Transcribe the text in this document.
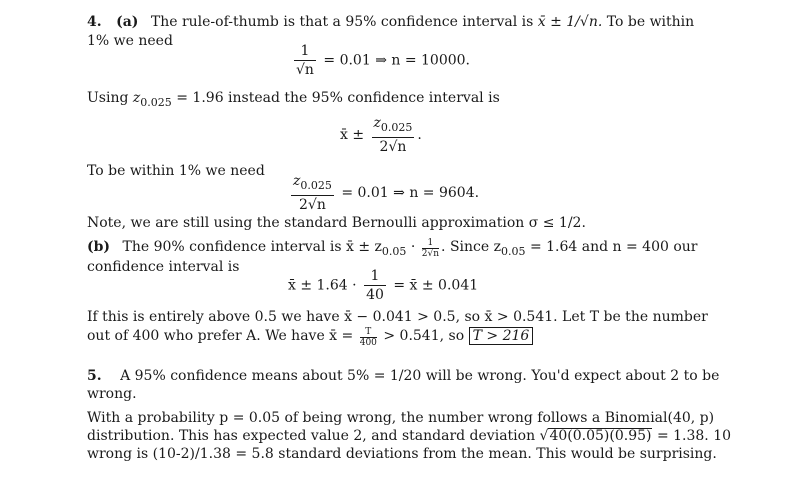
4. (a) The rule-of-thumb is that a 95% confidence interval is x̄ ± 1/√n. To be within
1% we need
$\frac{1}{√n} = 0.01$ ⇒ n = 10000.
Using $z_{0.025} = 1.96$ instead the 95% confidence interval is
x̄ ± $\frac{z_{0.025}}{2√n}$ .
To be within 1% we need
$\frac{z_{0.025}}{2√n} = 0.01$ ⇒ n = 9604.
Note, we are still using the standard Bernoulli approximation σ ≤ 1/2.
(b) The 90% confidence interval is x̄ ± $z_{0.05} \cdot \frac{1}{2√n}$ . Since $z_{0.05} = 1.64$ and n = 400 our
confidence interval is
x̄ ± $1.64 \cdot \frac{1}{40}$ = x̄ ± 0.041
If this is entirely above 0.5 we have x̄ − 0.041 > 0.5, so x̄ > 0.541. Let T be the number
out of 400 who prefer A. We have x̄ = $\frac{T}{400} > 0.541$, so T > 216
5. A 95% confidence means about 5% = 1/20 will be wrong. You'd expect about 2 to be
wrong.
With a probability p = 0.05 of being wrong, the number wrong follows a Binomial(40, p)
distribution. This has expected value 2, and standard deviation √40(0.05)(0.95) = 1.38. 10
wrong is (10-2)/1.38 = 5.8 standard deviations from the mean. This would be surprising.
